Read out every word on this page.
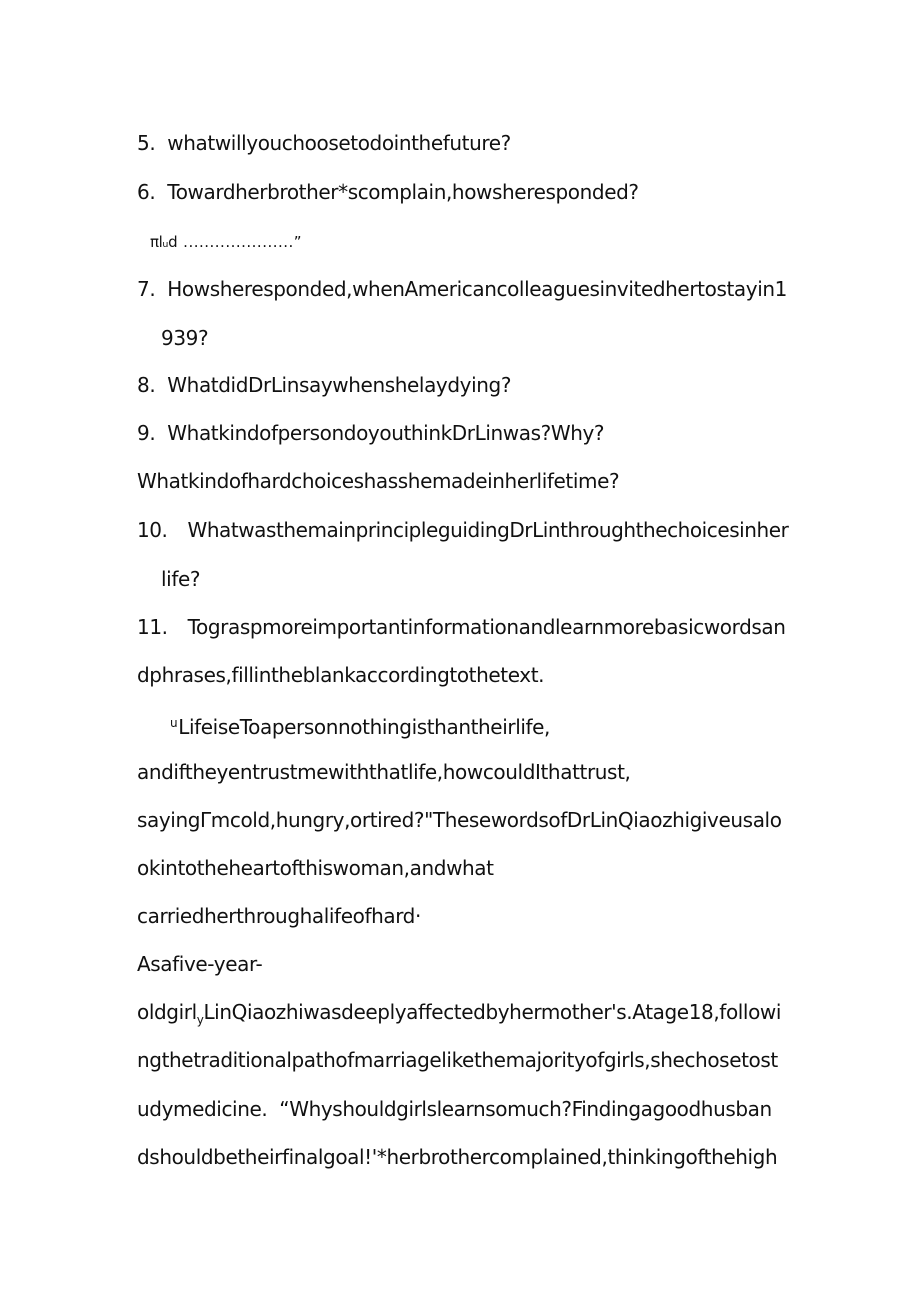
5. whatwillyouchoosetodointhefuture?
6. Towardherbrother*scomplain,howsheresponded?
πlᵤd .....................”
7. Howsheresponded,whenAmericancolleaguesinvitedhertostayin1
939?
8. WhatdidDrLinsaywhenshelaydying?
9. WhatkindofpersondoyouthinkDrLinwas?Why?
Whatkindofhardchoiceshasshemadeinherlifetime?
10. WhatwasthemainprincipleguidingDrLinthroughthechoicesinher
life?
11. Tograspmoreimportantinformationandlearnmorebasicwordsan
dphrases,fillintheblankaccordingtothetext.
$^u$LifeiseToapersonnothingisthantheirlife,
andiftheyentrustmewiththatlife,howcouldIthattrust,
sayingΓmcold,hungry,ortired?"ThesewordsofDrLinQiaozhigiveusalo
okintotheheartofthiswoman,andwhat
carriedherthroughalifeofhard·
Asafive-year-
oldgirl$_y$LinQiaozhiwasdeeplyaffectedbyhermother's.Atage18,followi
ngthetraditionalpathofmarriagelikethemajorityofgirls,shechosetost
udymedicine.  “Whyshouldgirlslearnsomuch?Findingagoodhusban
dshouldbetheirfinalgoal!'*herbrothercomplained,thinkingofthehigh
